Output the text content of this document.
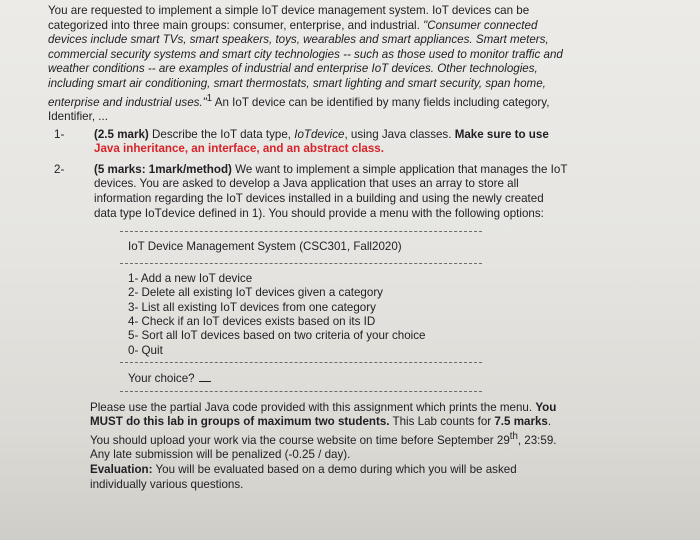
You are requested to implement a simple IoT device management system. IoT devices can be categorized into three main groups: consumer, enterprise, and industrial. "Consumer connected devices include smart TVs, smart speakers, toys, wearables and smart appliances. Smart meters, commercial security systems and smart city technologies -- such as those used to monitor traffic and weather conditions -- are examples of industrial and enterprise IoT devices. Other technologies, including smart air conditioning, smart thermostats, smart lighting and smart security, span home, enterprise and industrial uses."$^1$ An IoT device can be identified by many fields including category, Identifier, ...

1-	(2.5 mark) Describe the IoT data type, IoTdevice, using Java classes. Make sure to use Java inheritance, an interface, and an abstract class.

2-	(5 marks: 1mark/method) We want to implement a simple application that manages the IoT devices. You are asked to develop a Java application that uses an array to store all information regarding the IoT devices installed in a building and using the newly created data type IoTdevice defined in 1). You should provide a menu with the following options:

IoT Device Management System (CSC301, Fall2020)
1- Add a new IoT device
2- Delete all existing IoT devices given a category
3- List all existing IoT devices from one category
4- Check if an IoT devices exists based on its ID
5- Sort all IoT devices based on two criteria of your choice
0- Quit
Your choice?

Please use the partial Java code provided with this assignment which prints the menu. You MUST do this lab in groups of maximum two students. This Lab counts for 7.5 marks. You should upload your work via the course website on time before September 29th, 23:59. Any late submission will be penalized (-0.25 / day).

Evaluation: You will be evaluated based on a demo during which you will be asked individually various questions.
